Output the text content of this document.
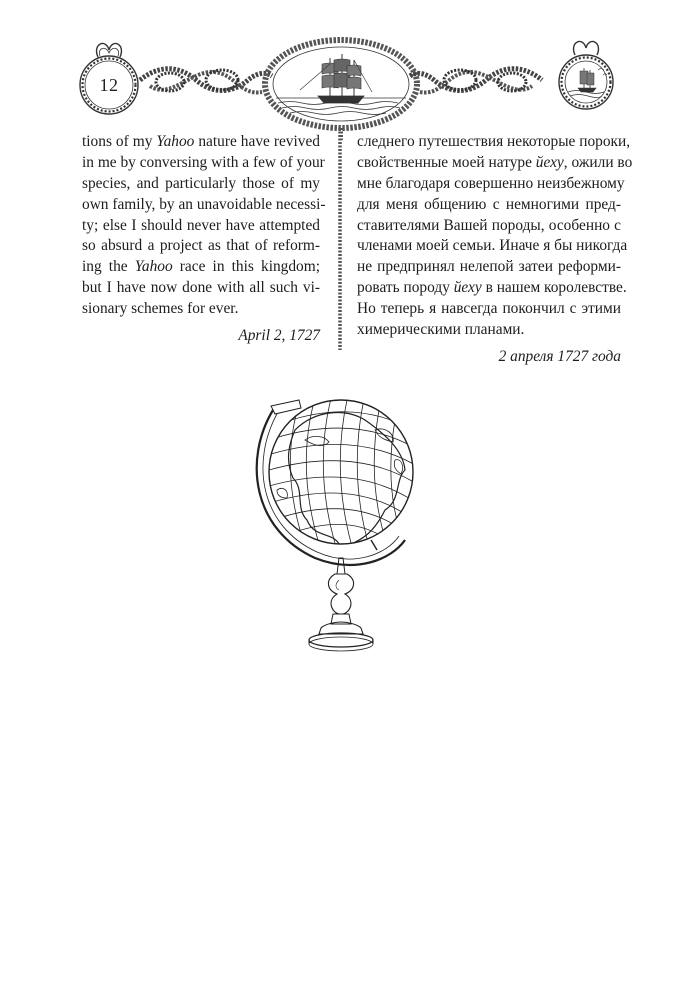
12
tions of my Yahoo nature have revived
in me by conversing with a few of your
species, and particularly those of my
own family, by an unavoidable necessi-
ty; else I should never have attempted
so absurd a project as that of reform-
ing the Yahoo race in this kingdom;
but I have now done with all such vi-
sionary schemes for ever.
April 2, 1727
следнего путешествия некоторые пороки,
свойственные моей натуре йеху, ожили во
мне благодаря совершенно неизбежному
для меня общению с немногими пред-
ставителями Вашей породы, особенно с
членами моей семьи. Иначе я бы никогда
не предпринял нелепой затеи реформи-
ровать породу йеху в нашем королевстве.
Но теперь я навсегда покончил с этими
химерическими планами.
2 апреля 1727 года
